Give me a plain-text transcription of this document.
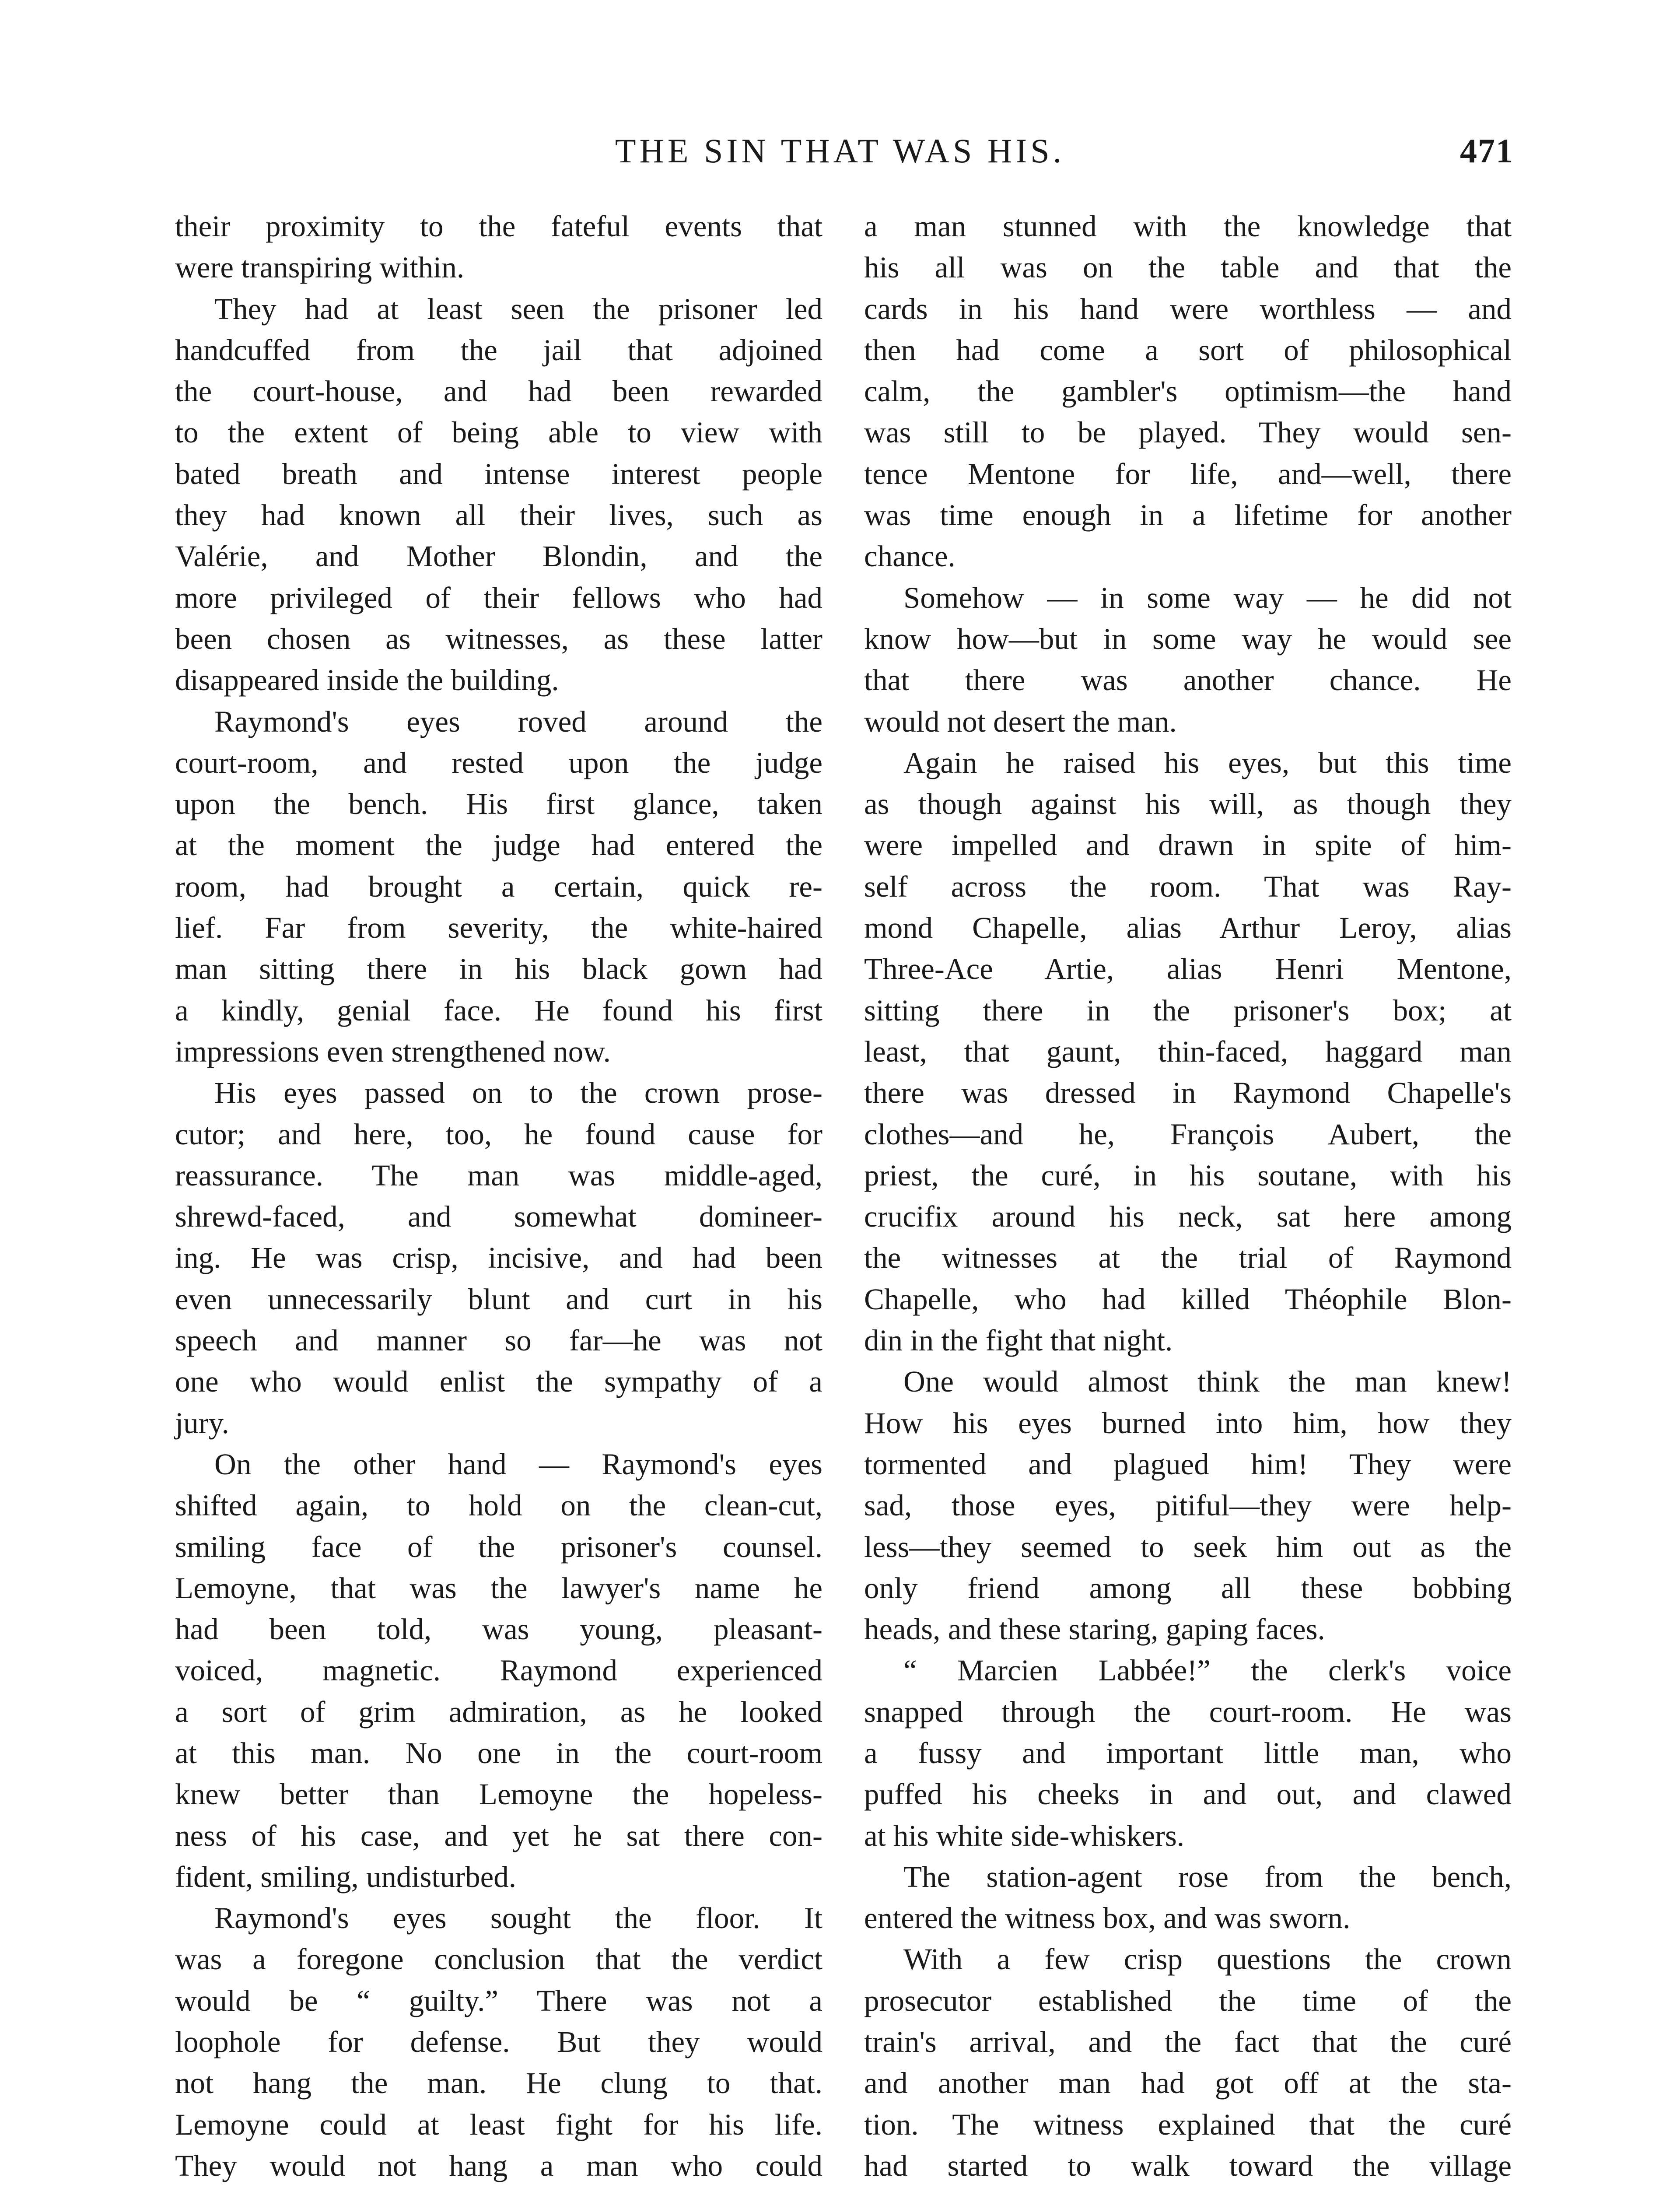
THE SIN THAT WAS HIS.	471
their proximity to the fateful events that
were transpiring within.
They had at least seen the prisoner led
handcuffed from the jail that adjoined
the court-house, and had been rewarded
to the extent of being able to view with
bated breath and intense interest people
they had known all their lives, such as
Valérie, and Mother Blondin, and the
more privileged of their fellows who had
been chosen as witnesses, as these latter
disappeared inside the building.
Raymond's eyes roved around the
court-room, and rested upon the judge
upon the bench. His first glance, taken
at the moment the judge had entered the
room, had brought a certain, quick re-
lief. Far from severity, the white-haired
man sitting there in his black gown had
a kindly, genial face. He found his first
impressions even strengthened now.
His eyes passed on to the crown prose-
cutor; and here, too, he found cause for
reassurance. The man was middle-aged,
shrewd-faced, and somewhat domineer-
ing. He was crisp, incisive, and had been
even unnecessarily blunt and curt in his
speech and manner so far—he was not
one who would enlist the sympathy of a
jury.
On the other hand — Raymond's eyes
shifted again, to hold on the clean-cut,
smiling face of the prisoner's counsel.
Lemoyne, that was the lawyer's name he
had been told, was young, pleasant-
voiced, magnetic. Raymond experienced
a sort of grim admiration, as he looked
at this man. No one in the court-room
knew better than Lemoyne the hopeless-
ness of his case, and yet he sat there con-
fident, smiling, undisturbed.
Raymond's eyes sought the floor. It
was a foregone conclusion that the verdict
would be “ guilty.” There was not a
loophole for defense. But they would
not hang the man. He clung to that.
Lemoyne could at least fight for his life.
They would not hang a man who could
a man stunned with the knowledge that
his all was on the table and that the
cards in his hand were worthless — and
then had come a sort of philosophical
calm, the gambler's optimism—the hand
was still to be played. They would sen-
tence Mentone for life, and—well, there
was time enough in a lifetime for another
chance.
Somehow — in some way — he did not
know how—but in some way he would see
that there was another chance. He
would not desert the man.
Again he raised his eyes, but this time
as though against his will, as though they
were impelled and drawn in spite of him-
self across the room. That was Ray-
mond Chapelle, alias Arthur Leroy, alias
Three-Ace Artie, alias Henri Mentone,
sitting there in the prisoner's box; at
least, that gaunt, thin-faced, haggard man
there was dressed in Raymond Chapelle's
clothes—and he, François Aubert, the
priest, the curé, in his soutane, with his
crucifix around his neck, sat here among
the witnesses at the trial of Raymond
Chapelle, who had killed Théophile Blon-
din in the fight that night.
One would almost think the man knew!
How his eyes burned into him, how they
tormented and plagued him! They were
sad, those eyes, pitiful—they were help-
less—they seemed to seek him out as the
only friend among all these bobbing
heads, and these staring, gaping faces.
“ Marcien Labbée!” the clerk's voice
snapped through the court-room. He was
a fussy and important little man, who
puffed his cheeks in and out, and clawed
at his white side-whiskers.
The station-agent rose from the bench,
entered the witness box, and was sworn.
With a few crisp questions the crown
prosecutor established the time of the
train's arrival, and the fact that the curé
and another man had got off at the sta-
tion. The witness explained that the curé
had started to walk toward the village
